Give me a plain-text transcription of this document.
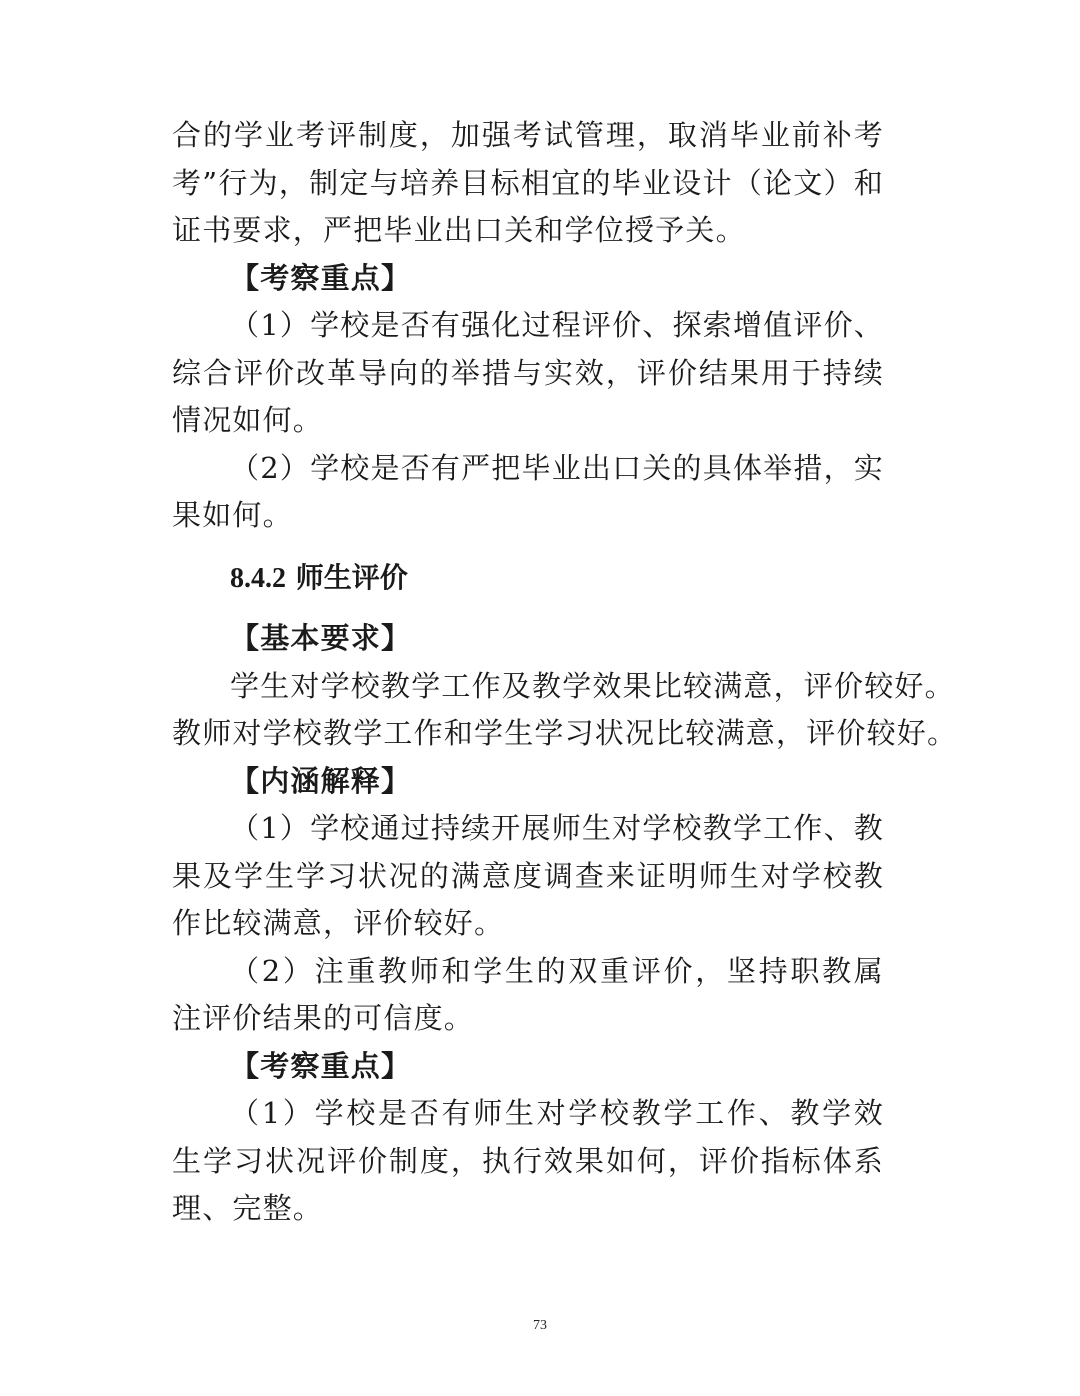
合的学业考评制度，加强考试管理，取消毕业前补考
考”行为，制定与培养目标相宜的毕业设计（论文）和
证书要求，严把毕业出口关和学位授予关。
【考察重点】
（1）学校是否有强化过程评价、探索增值评价、
综合评价改革导向的举措与实效，评价结果用于持续
情况如何。
（2）学校是否有严把毕业出口关的具体举措，实
果如何。
8.4.2 师生评价
【基本要求】
学生对学校教学工作及教学效果比较满意，评价较好。
教师对学校教学工作和学生学习状况比较满意，评价较好。
【内涵解释】
（1）学校通过持续开展师生对学校教学工作、教
果及学生学习状况的满意度调查来证明师生对学校教
作比较满意，评价较好。
（2）注重教师和学生的双重评价，坚持职教属
注评价结果的可信度。
【考察重点】
（1）学校是否有师生对学校教学工作、教学效
生学习状况评价制度，执行效果如何，评价指标体系
理、完整。
73
